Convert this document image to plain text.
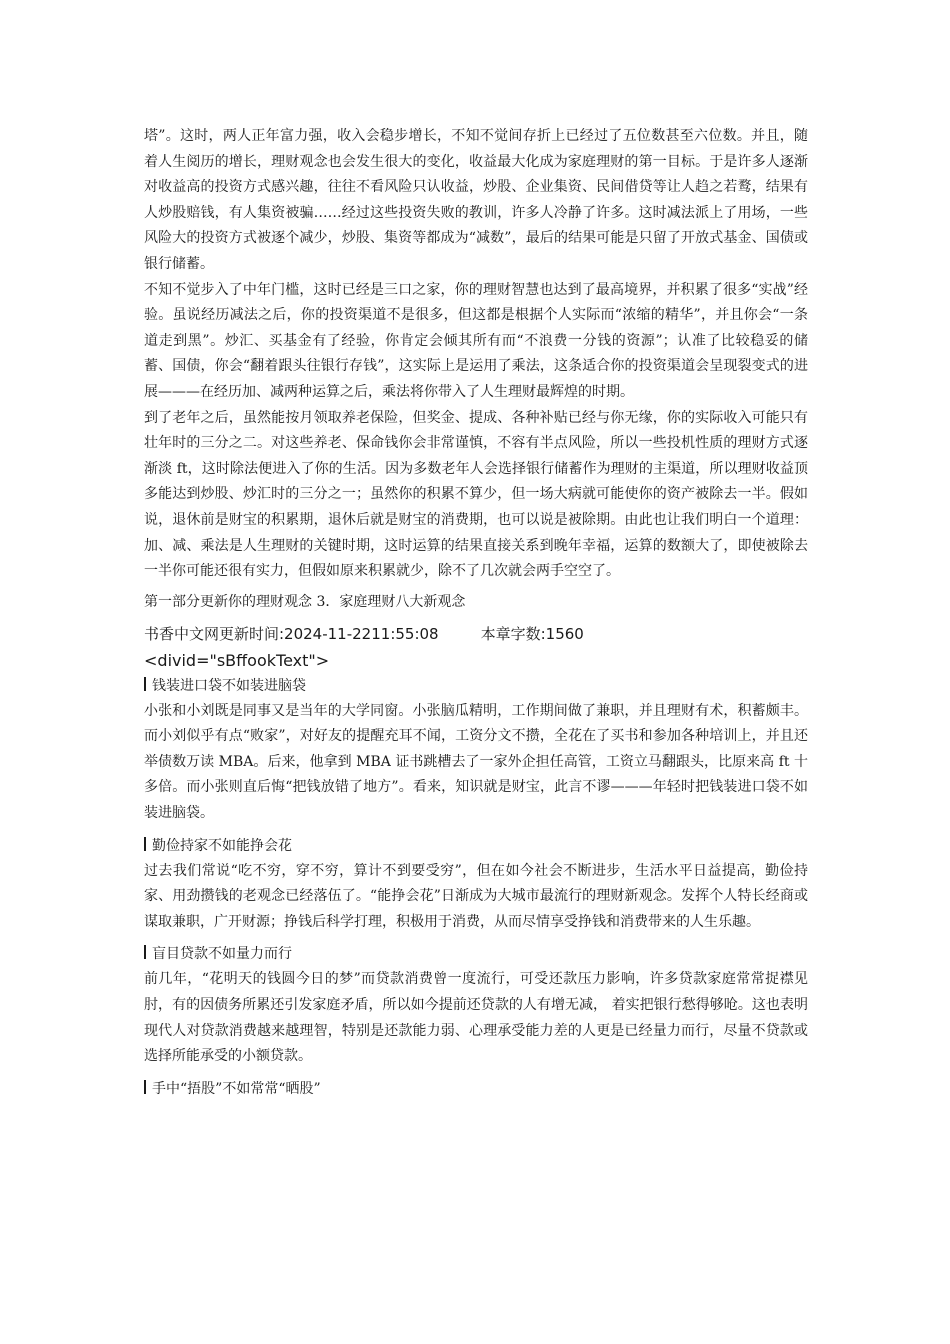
塔”。这时，两人正年富力强，收入会稳步增长，不知不觉间存折上已经过了五位数甚至六位数。并且，随着人生阅历的增长，理财观念也会发生很大的变化，收益最大化成为家庭理财的第一目标。于是许多人逐渐对收益高的投资方式感兴趣，往往不看风险只认收益，炒股、企业集资、民间借贷等让人趋之若鹜，结果有人炒股赔钱，有人集资被骗……经过这些投资失败的教训，许多人冷静了许多。这时减法派上了用场，一些风险大的投资方式被逐个减少，炒股、集资等都成为“减数”，最后的结果可能是只留了开放式基金、国债或银行储蓄。

不知不觉步入了中年门槛，这时已经是三口之家，你的理财智慧也达到了最高境界，并积累了很多“实战”经验。虽说经历减法之后，你的投资渠道不是很多，但这都是根据个人实际而“浓缩的精华”，并且你会“一条道走到黑”。炒汇、买基金有了经验，你肯定会倾其所有而“不浪费一分钱的资源”；认准了比较稳妥的储蓄、国债，你会“翻着跟头往银行存钱”，这实际上是运用了乘法，这条适合你的投资渠道会呈现裂变式的进展———在经历加、减两种运算之后，乘法将你带入了人生理财最辉煌的时期。

到了老年之后，虽然能按月领取养老保险，但奖金、提成、各种补贴已经与你无缘，你的实际收入可能只有壮年时的三分之二。对这些养老、保命钱你会非常谨慎，不容有半点风险，所以一些投机性质的理财方式逐渐淡 ft，这时除法便进入了你的生活。因为多数老年人会选择银行储蓄作为理财的主渠道，所以理财收益顶多能达到炒股、炒汇时的三分之一；虽然你的积累不算少，但一场大病就可能使你的资产被除去一半。假如说，退休前是财宝的积累期，退休后就是财宝的消费期，也可以说是被除期。由此也让我们明白一个道理：加、减、乘法是人生理财的关键时期，这时运算的结果直接关系到晚年幸福，运算的数额大了，即使被除去一半你可能还很有实力，但假如原来积累就少，除不了几次就会两手空空了。

第一部分更新你的理财观念 3．家庭理财八大新观念

书香中文网更新时间:2024-11-2211:55:08	本章字数:1560

<divid="sBffookText">

钱装进口袋不如装进脑袋

小张和小刘既是同事又是当年的大学同窗。小张脑瓜精明，工作期间做了兼职，并且理财有术，积蓄颇丰。而小刘似乎有点“败家”，对好友的提醒充耳不闻，工资分文不攒，全花在了买书和参加各种培训上，并且还举债数万读 MBA。后来，他拿到 MBA 证书跳槽去了一家外企担任高管，工资立马翻跟头，比原来高 ft 十多倍。而小张则直后悔“把钱放错了地方”。看来，知识就是财宝，此言不谬———年轻时把钱装进口袋不如装进脑袋。

勤俭持家不如能挣会花

过去我们常说“吃不穷，穿不穷，算计不到要受穷”，但在如今社会不断进步，生活水平日益提高，勤俭持家、用劲攒钱的老观念已经落伍了。“能挣会花”日渐成为大城市最流行的理财新观念。发挥个人特长经商或谋取兼职，广开财源；挣钱后科学打理，积极用于消费，从而尽情享受挣钱和消费带来的人生乐趣。

盲目贷款不如量力而行

前几年，“花明天的钱圆今日的梦”而贷款消费曾一度流行，可受还款压力影响，许多贷款家庭常常捉襟见肘，有的因债务所累还引发家庭矛盾，所以如今提前还贷款的人有增无减， 着实把银行愁得够呛。这也表明现代人对贷款消费越来越理智，特别是还款能力弱、心理承受能力差的人更是已经量力而行，尽量不贷款或选择所能承受的小额贷款。

手中“捂股”不如常常“晒股”
